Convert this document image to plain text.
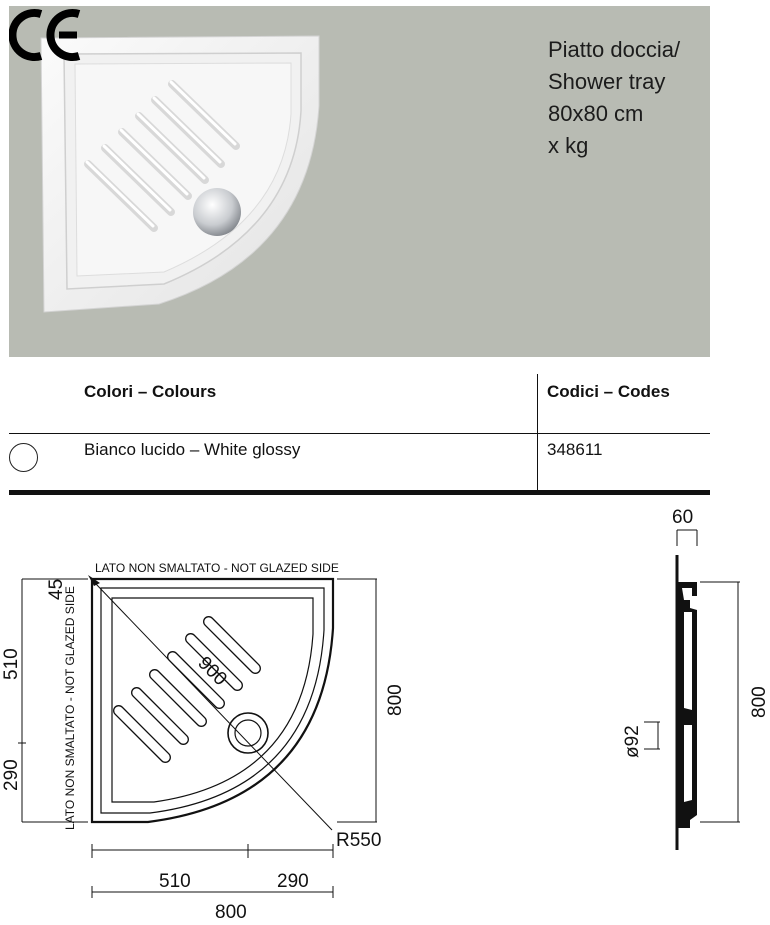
Piatto doccia/
Shower tray
80x80 cm
x kg
Colori – Colours	Codici – Codes
Bianco lucido – White glossy	348611
LATO NON SMALTATO - NOT GLAZED SIDE
LATO NON SMALTATO - NOT GLAZED SIDE
45
510
290
900
800
R550
510	290
800
60
ø92
800
